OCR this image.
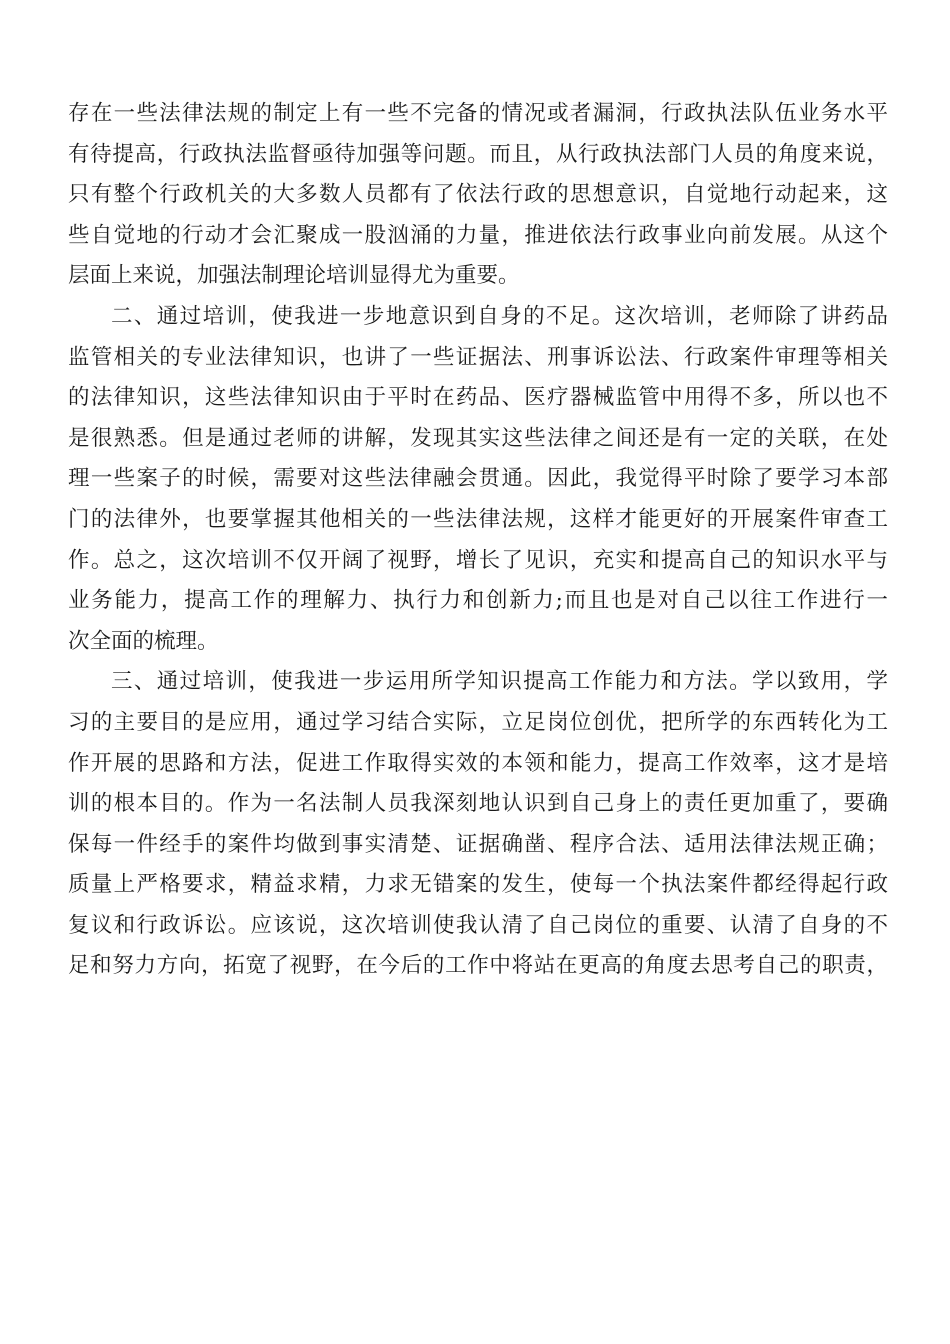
存在一些法律法规的制定上有一些不完备的情况或者漏洞，行政执法队伍业务水平
有待提高，行政执法监督亟待加强等问题。而且，从行政执法部门人员的角度来说，
只有整个行政机关的大多数人员都有了依法行政的思想意识，自觉地行动起来，这
些自觉地的行动才会汇聚成一股汹涌的力量，推进依法行政事业向前发展。从这个
层面上来说，加强法制理论培训显得尤为重要。
二、通过培训，使我进一步地意识到自身的不足。这次培训，老师除了讲药品
监管相关的专业法律知识，也讲了一些证据法、刑事诉讼法、行政案件审理等相关
的法律知识，这些法律知识由于平时在药品、医疗器械监管中用得不多，所以也不
是很熟悉。但是通过老师的讲解，发现其实这些法律之间还是有一定的关联，在处
理一些案子的时候，需要对这些法律融会贯通。因此，我觉得平时除了要学习本部
门的法律外，也要掌握其他相关的一些法律法规，这样才能更好的开展案件审查工
作。总之，这次培训不仅开阔了视野，增长了见识，充实和提高自己的知识水平与
业务能力，提高工作的理解力、执行力和创新力;而且也是对自己以往工作进行一
次全面的梳理。
三、通过培训，使我进一步运用所学知识提高工作能力和方法。学以致用，学
习的主要目的是应用，通过学习结合实际，立足岗位创优，把所学的东西转化为工
作开展的思路和方法，促进工作取得实效的本领和能力，提高工作效率，这才是培
训的根本目的。作为一名法制人员我深刻地认识到自己身上的责任更加重了，要确
保每一件经手的案件均做到事实清楚、证据确凿、程序合法、适用法律法规正确；
质量上严格要求，精益求精，力求无错案的发生，使每一个执法案件都经得起行政
复议和行政诉讼。应该说，这次培训使我认清了自己岗位的重要、认清了自身的不
足和努力方向，拓宽了视野，在今后的工作中将站在更高的角度去思考自己的职责，
